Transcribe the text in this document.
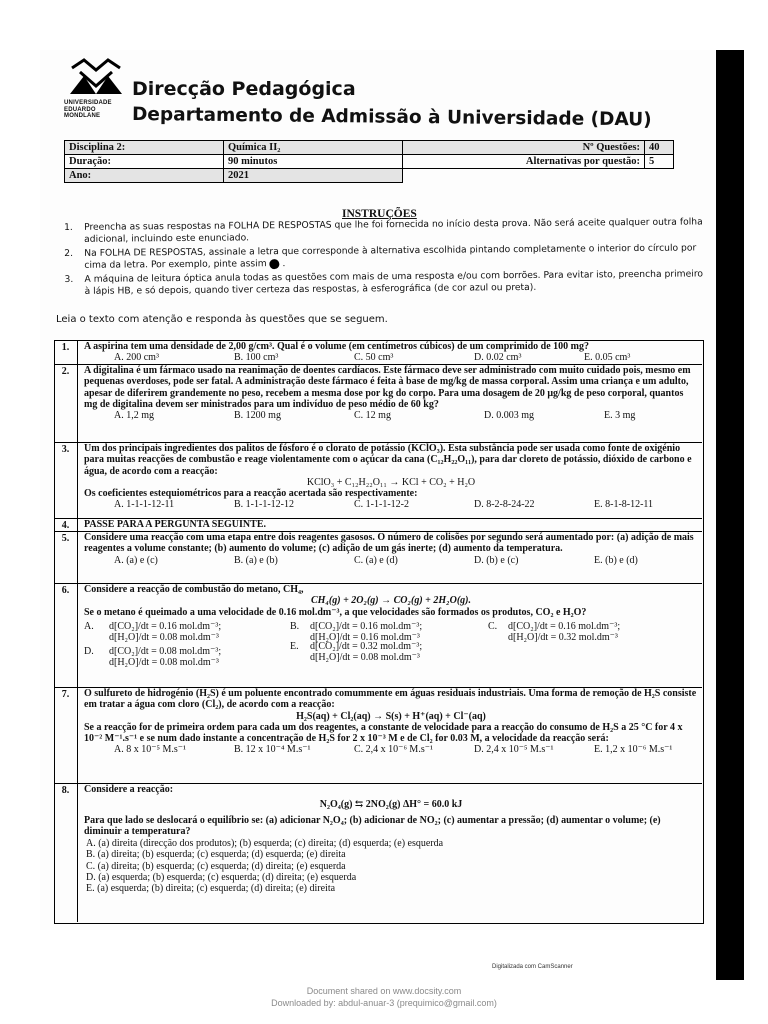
UNIVERSIDADE
EDUARDO
MONDLANE
Direcção Pedagógica
Departamento de Admissão à Universidade (DAU)
Disciplina 2:	Química II₂	Nº Questões:	40
Duração:	90 minutos	Alternativas por questão:	5
Ano:	2021		
INSTRUÇÕES
1. Preencha as suas respostas na FOLHA DE RESPOSTAS que lhe foi fornecida no início desta prova. Não será aceite qualquer outra folha adicional, incluindo este enunciado.
2. Na FOLHA DE RESPOSTAS, assinale a letra que corresponde à alternativa escolhida pintando completamente o interior do círculo por cima da letra. Por exemplo, pinte assim  .
3. A máquina de leitura óptica anula todas as questões com mais de uma resposta e/ou com borrões. Para evitar isto, preencha primeiro à lápis HB, e só depois, quando tiver certeza das respostas, à esferográfica (de cor azul ou preta).
Leia o texto com atenção e responda às questões que se seguem.
1.	A aspirina tem uma densidade de 2,00 g/cm³. Qual é o volume (em centímetros cúbicos) de um comprimido de 100 mg?
A. 200 cm³	B. 100 cm³	C. 50 cm³	D. 0.02 cm³	E. 0.05 cm³
2.	A digitalina é um fármaco usado na reanimação de doentes cardíacos. Este fármaco deve ser administrado com muito cuidado pois, mesmo em pequenas overdoses, pode ser fatal. A administração deste fármaco é feita à base de mg/kg de massa corporal. Assim uma criança e um adulto, apesar de diferirem grandemente no peso, recebem a mesma dose por kg do corpo. Para uma dosagem de 20 μg/kg de peso corporal, quantos mg de digitalina devem ser ministrados para um indivíduo de peso médio de 60 kg?
A. 1,2 mg	B. 1200 mg	C. 12 mg	D. 0.003 mg	E. 3 mg
3.	Um dos principais ingredientes dos palitos de fósforo é o clorato de potássio (KClO₃). Esta substância pode ser usada como fonte de oxigénio para muitas reacções de combustão e reage violentamente com o açúcar da cana (C₁₂H₂₂O₁₁), para dar cloreto de potássio, dióxido de carbono e água, de acordo com a reacção:
KClO₃ + C₁₂H₂₂O₁₁ → KCl + CO₂ + H₂O
Os coeficientes estequiométricos para a reacção acertada são respectivamente:
A. 1-1-1-12-11	B. 1-1-1-12-12	C. 1-1-1-12-2	D. 8-2-8-24-22	E. 8-1-8-12-11
4.	PASSE PARA A PERGUNTA SEGUINTE.
5.	Considere uma reacção com uma etapa entre dois reagentes gasosos. O número de colisões por segundo será aumentado por: (a) adição de mais reagentes a volume constante; (b) aumento do volume; (c) adição de um gás inerte; (d) aumento da temperatura.
A. (a) e (c)	B. (a) e (b)	C. (a) e (d)	D. (b) e (c)	E. (b) e (d)
6.	Considere a reacção de combustão do metano, CH₄,
CH₄(g) + 2O₂(g) → CO₂(g) + 2H₂O(g).
Se o metano é queimado a uma velocidade de 0.16 mol.dm⁻³, a que velocidades são formados os produtos, CO₂ e H₂O?
A. d[CO₂]/dt = 0.16 mol.dm⁻³;
d[H₂O]/dt = 0.08 mol.dm⁻³
B. d[CO₂]/dt = 0.16 mol.dm⁻³;
d[H₂O]/dt = 0.16 mol.dm⁻³
C. d[CO₂]/dt = 0.16 mol.dm⁻³;
d[H₂O]/dt = 0.32 mol.dm⁻³
D. d[CO₂]/dt = 0.08 mol.dm⁻³;
d[H₂O]/dt = 0.08 mol.dm⁻³
E. d[CO₂]/dt = 0.32 mol.dm⁻³;
d[H₂O]/dt = 0.08 mol.dm⁻³
7.	O sulfureto de hidrogénio (H₂S) é um poluente encontrado comummente em águas residuais industriais. Uma forma de remoção de H₂S consiste em tratar a água com cloro (Cl₂), de acordo com a reacção:
H₂S(aq) + Cl₂(aq) → S(s) + H⁺(aq) + Cl⁻(aq)
Se a reacção for de primeira ordem para cada um dos reagentes, a constante de velocidade para a reacção do consumo de H₂S a 25 °C for 4 x 10⁻² M⁻¹.s⁻¹ e se num dado instante a concentração de H₂S for 2 x 10⁻³ M e de Cl₂ for 0.03 M, a velocidade da reacção será:
A. 8 x 10⁻⁵ M.s⁻¹	B. 12 x 10⁻⁴ M.s⁻¹	C. 2,4 x 10⁻⁶ M.s⁻¹	D. 2,4 x 10⁻⁵ M.s⁻¹	E. 1,2 x 10⁻⁶ M.s⁻¹
8.	Considere a reacção:
N₂O₄(g) ⇆ 2NO₂(g) ΔH° = 60.0 kJ
Para que lado se deslocará o equilíbrio se: (a) adicionar N₂O₄; (b) adicionar de NO₂; (c) aumentar a pressão; (d) aumentar o volume; (e) diminuir a temperatura?
A. (a) direita (direcção dos produtos); (b) esquerda; (c) direita; (d) esquerda; (e) esquerda
B. (a) direita; (b) esquerda; (c) esquerda; (d) esquerda; (e) direita
C. (a) direita; (b) esquerda; (c) esquerda; (d) direita; (e) esquerda
D. (a) esquerda; (b) esquerda; (c) esquerda; (d) direita; (e) esquerda
E. (a) esquerda; (b) direita; (c) esquerda; (d) direita; (e) direita
Digitalizada com CamScanner
Document shared on www.docsity.com
Downloaded by: abdul-anuar-3 (prequimico@gmail.com)
